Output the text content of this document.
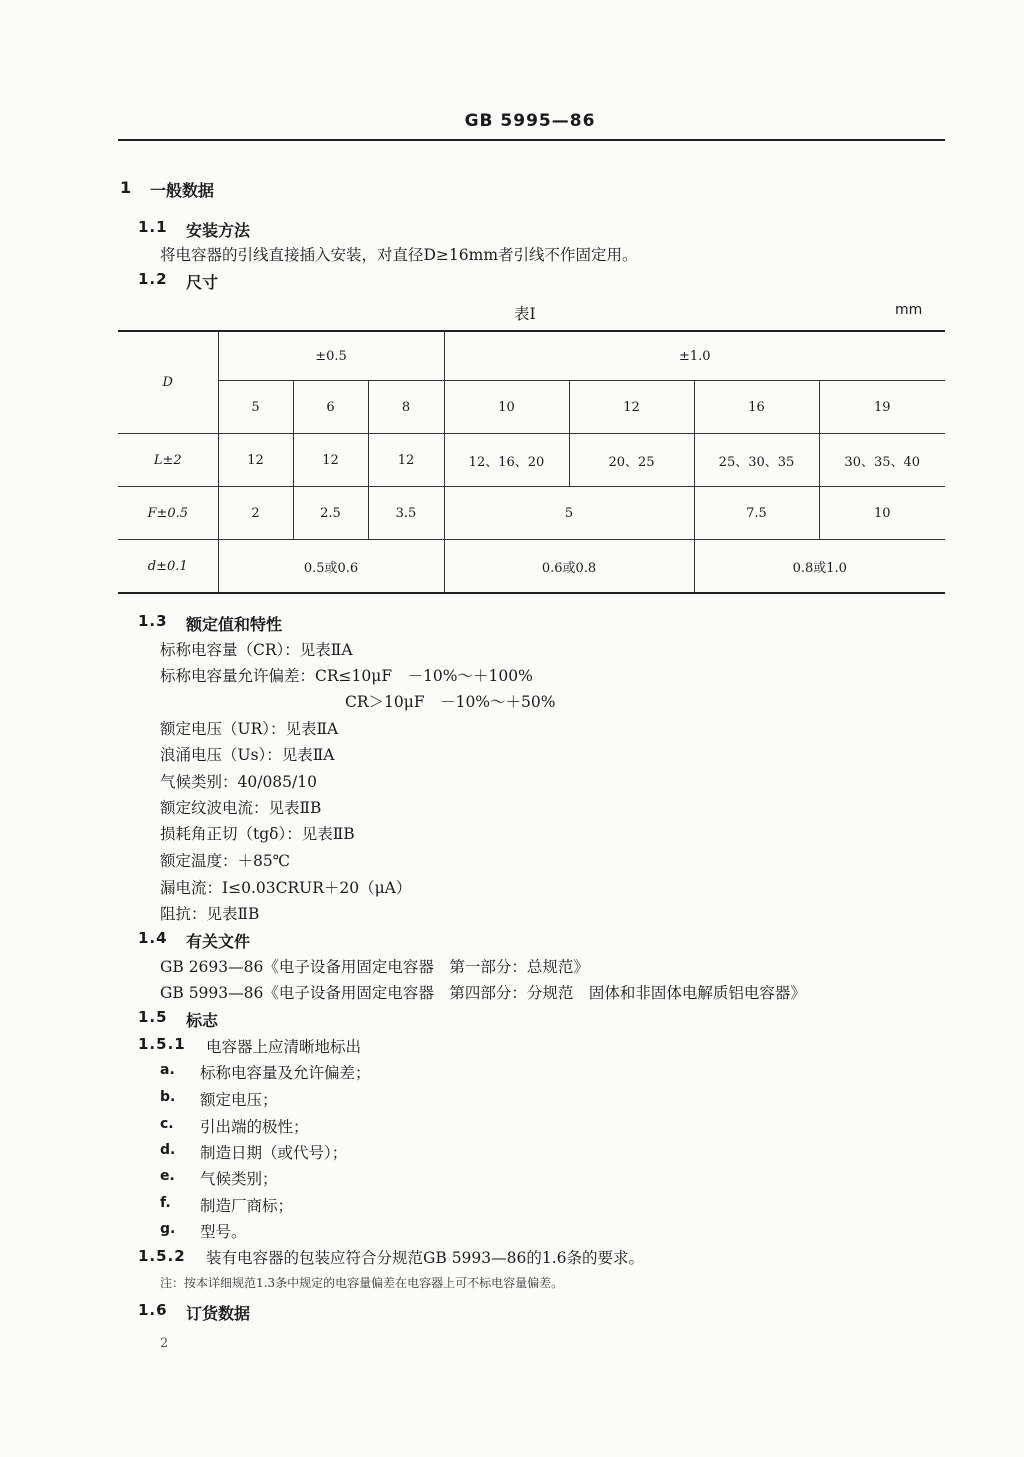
GB 5995—86
1 一般数据
1.1 安装方法
将电容器的引线直接插入安装，对直径D≥16mm者引线不作固定用。
1.2 尺寸
表I	mm
D	±0.5			±1.0			
	5	6	8	10	12	16	19
L±2	12	12	12	12、16、20	20、25	25、30、35	30、35、40
F±0.5	2	2.5	3.5	5		7.5	10
d±0.1	0.5或0.6			0.6或0.8		0.8或1.0	
1.3 额定值和特性
标称电容量（CR）：见表ⅡA
标称电容量允许偏差：CR≤10μF　－10%～＋100%
CR＞10μF　－10%～＋50%
额定电压（UR）：见表ⅡA
浪涌电压（Us）：见表ⅡA
气候类别：40/085/10
额定纹波电流：见表ⅡB
损耗角正切（tgδ）：见表ⅡB
额定温度：＋85℃
漏电流：I≤0.03CRUR＋20（μA）
阻抗：见表ⅡB
1.4 有关文件
GB 2693—86《电子设备用固定电容器　第一部分：总规范》
GB 5993—86《电子设备用固定电容器　第四部分：分规范　固体和非固体电解质铝电容器》
1.5 标志
1.5.1 电容器上应清晰地标出
a. 标称电容量及允许偏差；
b. 额定电压；
c. 引出端的极性；
d. 制造日期（或代号）；
e. 气候类别；
f. 制造厂商标；
g. 型号。
1.5.2 装有电容器的包装应符合分规范GB 5993—86的1.6条的要求。
注：按本详细规范1.3条中规定的电容量偏差在电容器上可不标电容量偏差。
1.6 订货数据
2
